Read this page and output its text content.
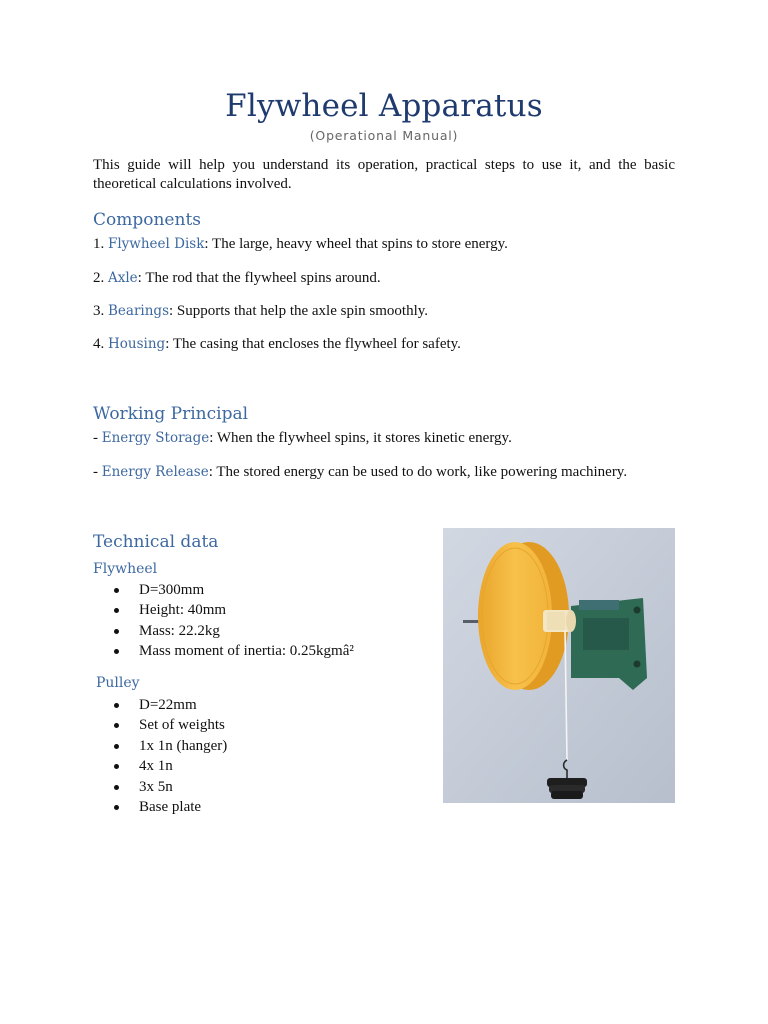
Flywheel Apparatus
(Operational Manual)
This guide will help you understand its operation, practical steps to use it, and the basic theoretical calculations involved.
Components
1. Flywheel Disk: The large, heavy wheel that spins to store energy.
2. Axle: The rod that the flywheel spins around.
3. Bearings: Supports that help the axle spin smoothly.
4. Housing: The casing that encloses the flywheel for safety.
Working Principal
- Energy Storage: When the flywheel spins, it stores kinetic energy.
- Energy Release: The stored energy can be used to do work, like powering machinery.
Technical data
Flywheel
D=300mm
Height: 40mm
Mass: 22.2kg
Mass moment of inertia: 0.25kgmâ²
Pulley
D=22mm
Set of weights
1x 1n (hanger)
4x 1n
3x 5n
Base plate
